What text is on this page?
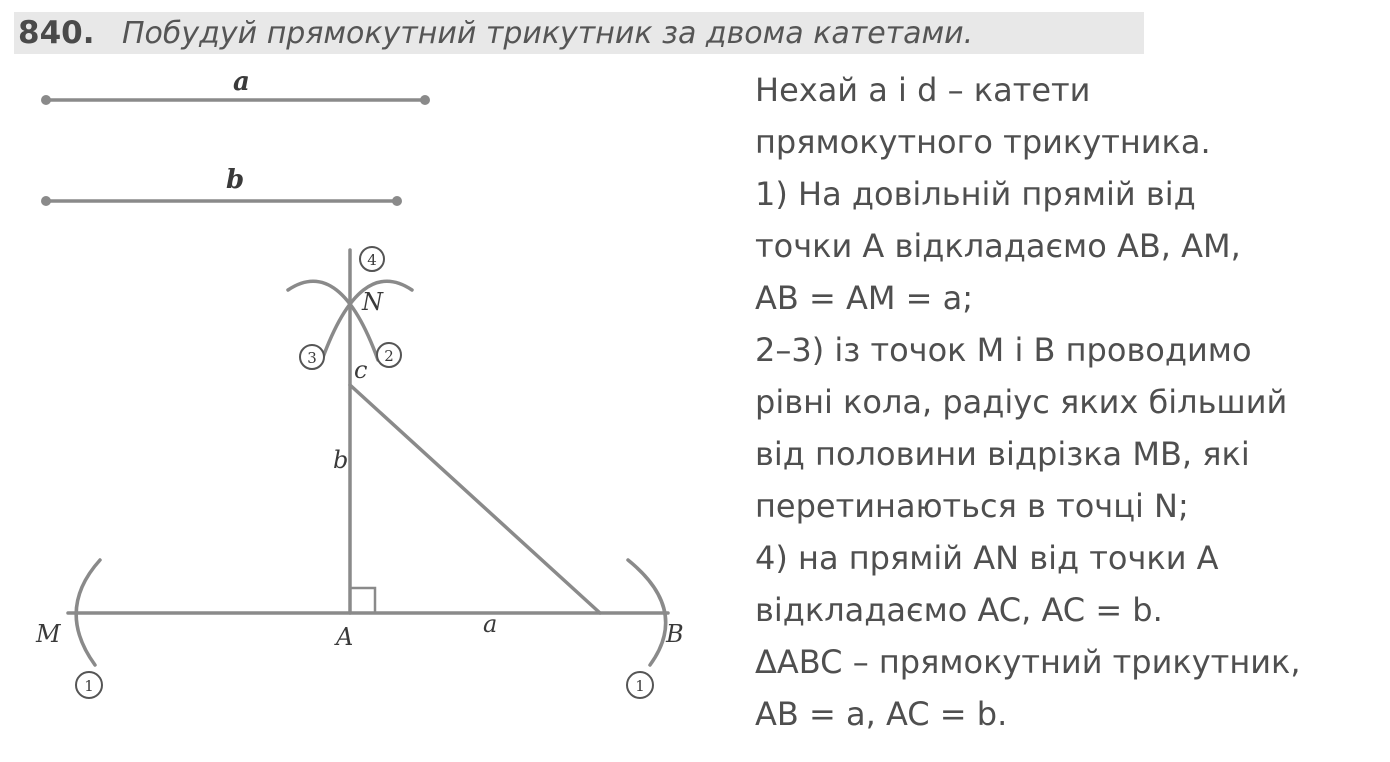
840. Побудуй прямокутний трикутник за двома катетами.
4
3	2
1	1
a
b
M	A	B
N
c
b
a
Нехай a і d – катети
прямокутного трикутника.
1) На довільній прямій від
точки A відкладаємо AB, AM,
AB = AM = a;
2–3) із точок M і B проводимо
рівні кола, радіус яких більший
від половини відрізка MB, які
перетинаються в точці N;
4) на прямій AN від точки A
відкладаємо AC, AC = b.
ΔABC – прямокутний трикутник,
AB = a, AC = b.
